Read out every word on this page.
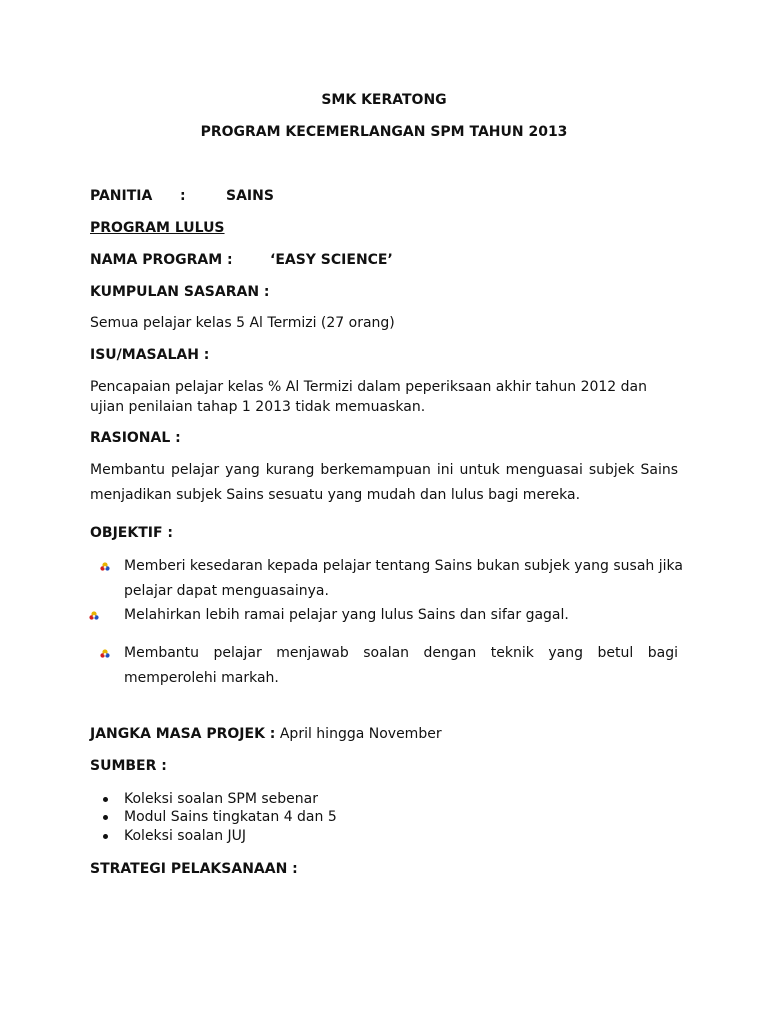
SMK KERATONG
PROGRAM KECEMERLANGAN SPM TAHUN 2013
PANITIA :	SAINS
PROGRAM LULUS
NAMA PROGRAM :	‘EASY SCIENCE’
KUMPULAN SASARAN :
Semua pelajar kelas 5 Al Termizi (27 orang)
ISU/MASALAH :
Pencapaian pelajar kelas % Al Termizi dalam peperiksaan akhir tahun 2012 dan
ujian penilaian tahap 1 2013 tidak memuaskan.
RASIONAL :
Membantu pelajar yang kurang berkemampuan ini untuk menguasai subjek Sains
menjadikan subjek Sains sesuatu yang mudah dan lulus bagi mereka.
OBJEKTIF :
Memberi kesedaran kepada pelajar tentang Sains bukan subjek yang susah jika
pelajar dapat menguasainya.
Melahirkan lebih ramai pelajar yang lulus Sains dan sifar gagal.
Membantu pelajar menjawab soalan dengan teknik yang betul bagi
memperolehi markah.
JANGKA MASA PROJEK : April hingga November
SUMBER :
Koleksi soalan SPM sebenar
Modul Sains tingkatan 4 dan 5
Koleksi soalan JUJ
STRATEGI PELAKSANAAN :
